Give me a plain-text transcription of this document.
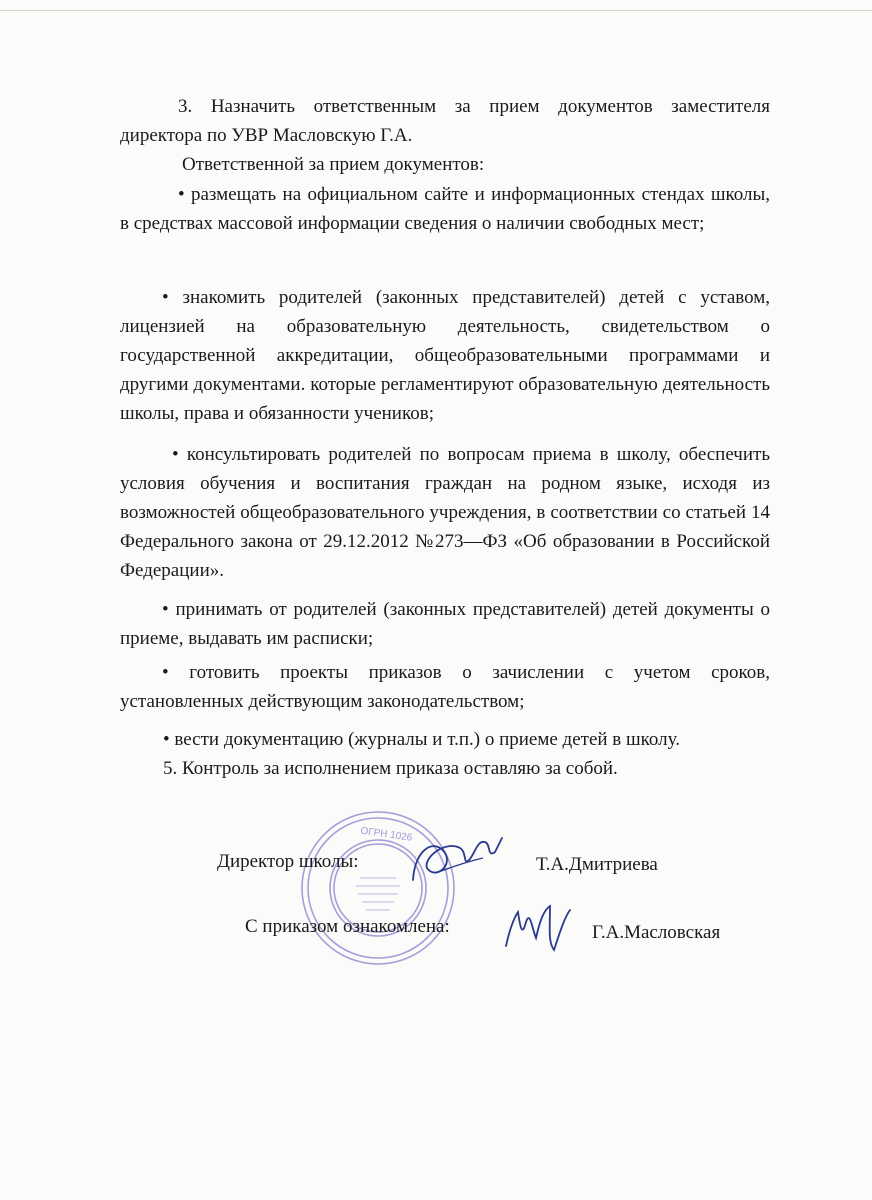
3. Назначить ответственным за прием документов заместителя директора по УВР Масловскую Г.А.

Ответственной за прием документов:

• размещать на официальном сайте и информационных стендах школы, в средствах массовой информации сведения о наличии свободных мест;

• знакомить родителей (законных представителей) детей с уставом, лицензией на образовательную деятельность, свидетельством о государственной аккредитации, общеобразовательными программами и другими документами. которые регламентируют образовательную деятельность школы, права и обязанности учеников;

• консультировать родителей по вопросам приема в школу, обеспечить условия обучения и воспитания граждан на родном языке, исходя из возможностей общеобразовательного учреждения, в соответствии со статьей 14 Федерального закона от 29.12.2012 №273—ФЗ «Об образовании в Российской Федерации».

• принимать от родителей (законных представителей) детей документы о приеме, выдавать им расписки;

• готовить проекты приказов о зачислении с учетом сроков, установленных действующим законодательством;

• вести документацию (журналы и т.п.) о приеме детей в школу.

5. Контроль за исполнением приказа оставляю за собой.

ОГРН 1026
Директор школы:	Т.А.Дмитриева
С приказом ознакомлена:	Г.А.Масловская
